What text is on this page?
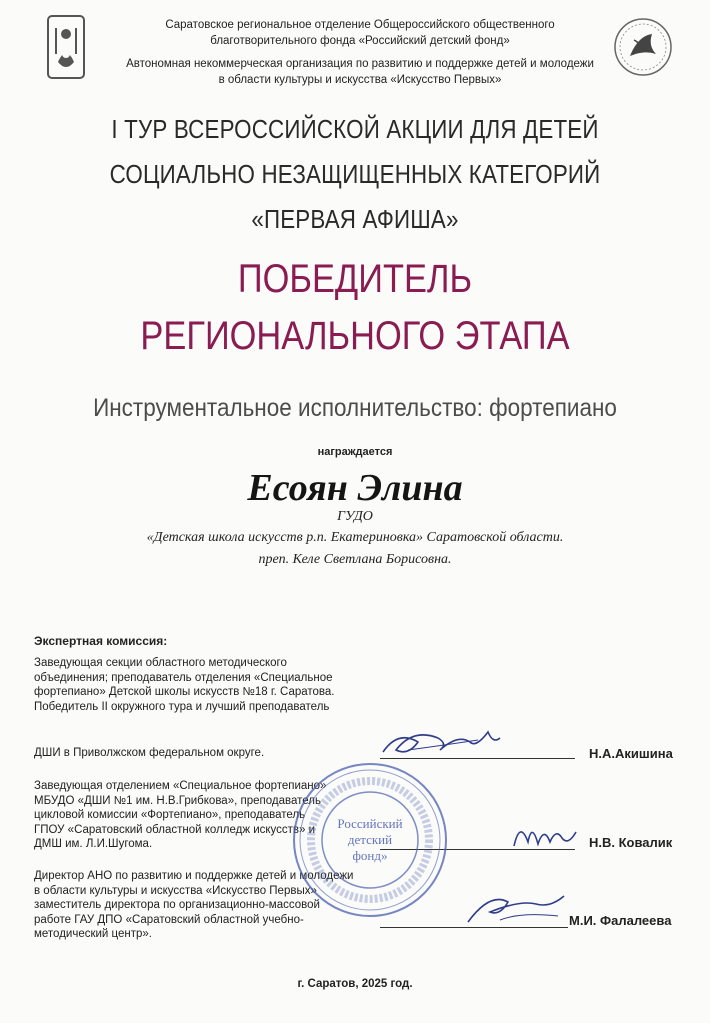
Саратовское региональное отделение Общероссийского общественного
благотворительного фонда «Российский детский фонд»
Автономная некоммерческая организация по развитию и поддержке детей и молодежи
в области культуры и искусства «Искусство Первых»
I ТУР ВСЕРОССИЙСКОЙ АКЦИИ ДЛЯ ДЕТЕЙ
СОЦИАЛЬНО НЕЗАЩИЩЕННЫХ КАТЕГОРИЙ
«ПЕРВАЯ АФИША»
ПОБЕДИТЕЛЬ
РЕГИОНАЛЬНОГО ЭТАПА
Инструментальное исполнительство: фортепиано
награждается
Есоян Элина
ГУДО
«Детская школа искусств р.п. Екатериновка» Саратовской области.
преп. Келе Светлана Борисовна.
Экспертная комиссия:
Заведующая секции областного методического
объединения; преподаватель отделения «Специальное
фортепиано» Детской школы искусств №18 г. Саратова.
Победитель II окружного тура и лучший преподаватель
ДШИ в Приволжском федеральном округе.
Заведующая отделением «Специальное фортепиано»
МБУДО «ДШИ №1 им. Н.В.Грибкова», преподаватель
цикловой комиссии «Фортепиано», преподаватель
ГПОУ «Саратовский областной колледж искусств» и
ДМШ им. Л.И.Шугома.
Директор АНО по развитию и поддержке детей и молодежи
в области культуры и искусства «Искусство Первых»
заместитель директора по организационно-массовой
работе ГАУ ДПО «Саратовский областной учебно-
методический центр».
Н.А.Акишина
Н.В. Ковалик
М.И. Фалалеева
Российский
детский
фонд»
г. Саратов, 2025 год.
